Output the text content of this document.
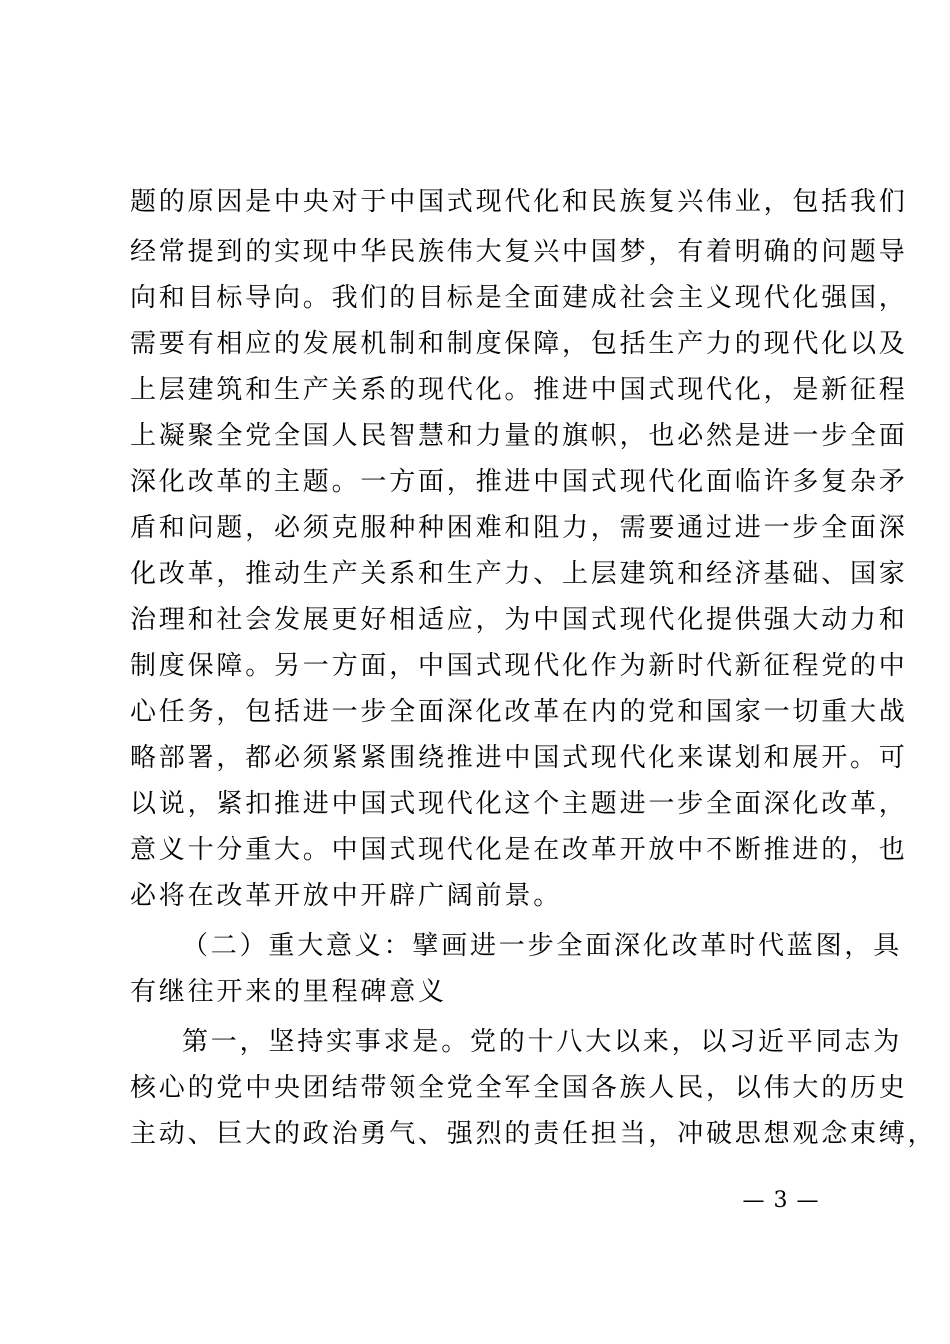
题的原因是中央对于中国式现代化和民族复兴伟业，包括我们
经常提到的实现中华民族伟大复兴中国梦，有着明确的问题导
向和目标导向。我们的目标是全面建成社会主义现代化强国，
需要有相应的发展机制和制度保障，包括生产力的现代化以及
上层建筑和生产关系的现代化。推进中国式现代化，是新征程
上凝聚全党全国人民智慧和力量的旗帜，也必然是进一步全面
深化改革的主题。一方面，推进中国式现代化面临许多复杂矛
盾和问题，必须克服种种困难和阻力，需要通过进一步全面深
化改革，推动生产关系和生产力、上层建筑和经济基础、国家
治理和社会发展更好相适应，为中国式现代化提供强大动力和
制度保障。另一方面，中国式现代化作为新时代新征程党的中
心任务，包括进一步全面深化改革在内的党和国家一切重大战
略部署，都必须紧紧围绕推进中国式现代化来谋划和展开。可
以说，紧扣推进中国式现代化这个主题进一步全面深化改革，
意义十分重大。中国式现代化是在改革开放中不断推进的，也
必将在改革开放中开辟广阔前景。
（二）重大意义：擘画进一步全面深化改革时代蓝图，具
有继往开来的里程碑意义
第一，坚持实事求是。党的十八大以来，以习近平同志为
核心的党中央团结带领全党全军全国各族人民，以伟大的历史
主动、巨大的政治勇气、强烈的责任担当，冲破思想观念束缚，
— 3 —
